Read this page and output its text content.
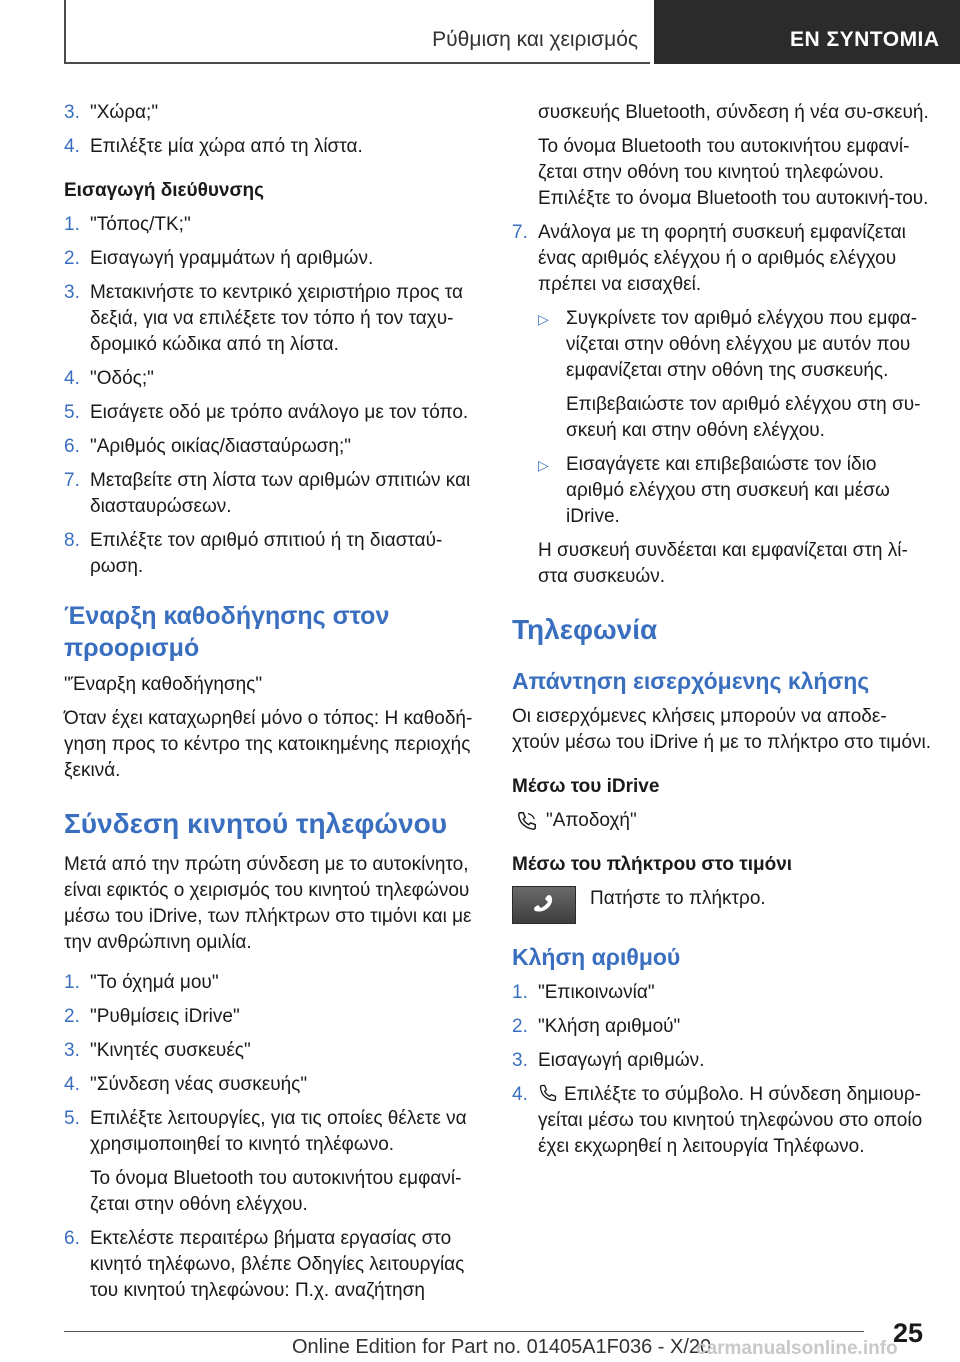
Ρύθμιση και χειρισμός	ΕΝ ΣΥΝΤΟΜΙΑ
3. "Χώρα;"
4. Επιλέξτε μία χώρα από τη λίστα.
Εισαγωγή διεύθυνσης
1. "Τόπος/ΤΚ;"
2. Εισαγωγή γραμμάτων ή αριθμών.
3. Μετακινήστε το κεντρικό χειριστήριο προς τα δεξιά, για να επιλέξετε τον τόπο ή τον ταχυ‐δρομικό κώδικα από τη λίστα.
4. "Οδός;"
5. Εισάγετε οδό με τρόπο ανάλογο με τον τόπο.
6. "Αριθμός οικίας/διασταύρωση;"
7. Μεταβείτε στη λίστα των αριθμών σπιτιών και διασταυρώσεων.
8. Επιλέξτε τον αριθμό σπιτιού ή τη διασταύ‐ρωση.
Έναρξη καθοδήγησης στον προορισμό
"Έναρξη καθοδήγησης"
Όταν έχει καταχωρηθεί μόνο ο τόπος: Η καθοδή‐γηση προς το κέντρο της κατοικημένης περιοχής ξεκινά.
Σύνδεση κινητού τηλεφώνου
Μετά από την πρώτη σύνδεση με το αυτοκίνητο, είναι εφικτός ο χειρισμός του κινητού τηλεφώνου μέσω του iDrive, των πλήκτρων στο τιμόνι και με την ανθρώπινη ομιλία.
1. "Το όχημά μου"
2. "Ρυθμίσεις iDrive"
3. "Κινητές συσκευές"
4. "Σύνδεση νέας συσκευής"
5. Επιλέξτε λειτουργίες, για τις οποίες θέλετε να χρησιμοποιηθεί το κινητό τηλέφωνο.
Το όνομα Bluetooth του αυτοκινήτου εμφανί‐ζεται στην οθόνη ελέγχου.
6. Εκτελέστε περαιτέρω βήματα εργασίας στο κινητό τηλέφωνο, βλέπε Οδηγίες λειτουργίας του κινητού τηλεφώνου: Π.χ. αναζήτηση
συσκευής Bluetooth, σύνδεση ή νέα συ‐σκευή.
Το όνομα Bluetooth του αυτοκινήτου εμφανί‐ζεται στην οθόνη του κινητού τηλεφώνου. Επιλέξτε το όνομα Bluetooth του αυτοκινή‐του.
7. Ανάλογα με τη φορητή συσκευή εμφανίζεται ένας αριθμός ελέγχου ή ο αριθμός ελέγχου πρέπει να εισαχθεί.
▷ Συγκρίνετε τον αριθμό ελέγχου που εμφα‐νίζεται στην οθόνη ελέγχου με αυτόν που εμφανίζεται στην οθόνη της συσκευής.
Επιβεβαιώστε τον αριθμό ελέγχου στη συ‐σκευή και στην οθόνη ελέγχου.
▷ Εισαγάγετε και επιβεβαιώστε τον ίδιο αριθμό ελέγχου στη συσκευή και μέσω iDrive.
Η συσκευή συνδέεται και εμφανίζεται στη λί‐στα συσκευών.
Τηλεφωνία
Απάντηση εισερχόμενης κλήσης
Οι εισερχόμενες κλήσεις μπορούν να αποδε‐χτούν μέσω του iDrive ή με το πλήκτρο στο τιμόνι.
Μέσω του iDrive
"Αποδοχή"
Μέσω του πλήκτρου στο τιμόνι
Πατήστε το πλήκτρο.
Κλήση αριθμού
1. "Επικοινωνία"
2. "Κλήση αριθμού"
3. Εισαγωγή αριθμών.
4.	Επιλέξτε το σύμβολο. Η σύνδεση δημιουρ‐γείται μέσω του κινητού τηλεφώνου στο οποίο έχει εκχωρηθεί η λειτουργία Τηλέφωνο.
25
Online Edition for Part no. 01405A1F036 - X/20
carmanualsonline.info
